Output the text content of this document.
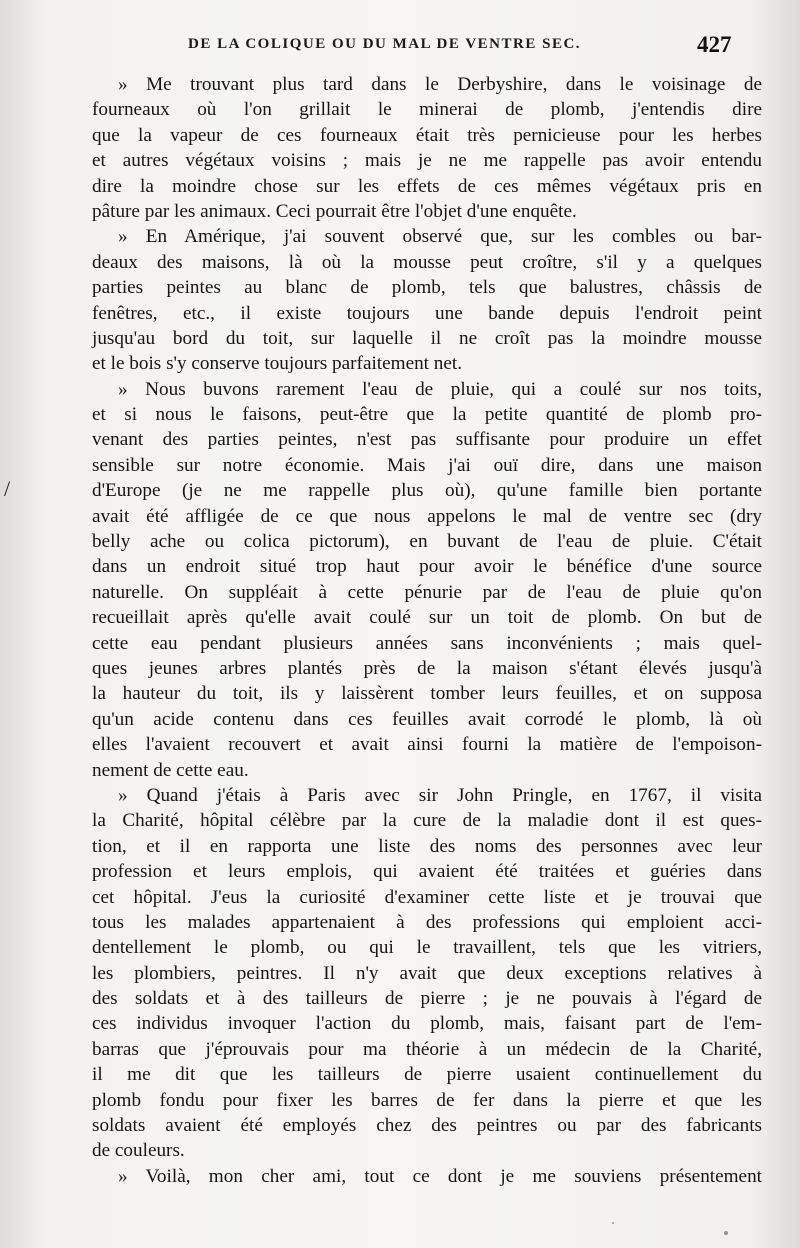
DE LA COLIQUE OU DU MAL DE VENTRE SEC.	427
/
» Me trouvant plus tard dans le Derbyshire, dans le voisinage de
fourneaux où l'on grillait le minerai de plomb, j'entendis dire
que la vapeur de ces fourneaux était très pernicieuse pour les herbes
et autres végétaux voisins ; mais je ne me rappelle pas avoir entendu
dire la moindre chose sur les effets de ces mêmes végétaux pris en
pâture par les animaux. Ceci pourrait être l'objet d'une enquête.
» En Amérique, j'ai souvent observé que, sur les combles ou bar-
deaux des maisons, là où la mousse peut croître, s'il y a quelques
parties peintes au blanc de plomb, tels que balustres, châssis de
fenêtres, etc., il existe toujours une bande depuis l'endroit peint
jusqu'au bord du toit, sur laquelle il ne croît pas la moindre mousse
et le bois s'y conserve toujours parfaitement net.
» Nous buvons rarement l'eau de pluie, qui a coulé sur nos toits,
et si nous le faisons, peut-être que la petite quantité de plomb pro-
venant des parties peintes, n'est pas suffisante pour produire un effet
sensible sur notre économie. Mais j'ai ouï dire, dans une maison
d'Europe (je ne me rappelle plus où), qu'une famille bien portante
avait été affligée de ce que nous appelons le mal de ventre sec (dry
belly ache ou colica pictorum), en buvant de l'eau de pluie. C'était
dans un endroit situé trop haut pour avoir le bénéfice d'une source
naturelle. On suppléait à cette pénurie par de l'eau de pluie qu'on
recueillait après qu'elle avait coulé sur un toit de plomb. On but de
cette eau pendant plusieurs années sans inconvénients ; mais quel-
ques jeunes arbres plantés près de la maison s'étant élevés jusqu'à
la hauteur du toit, ils y laissèrent tomber leurs feuilles, et on supposa
qu'un acide contenu dans ces feuilles avait corrodé le plomb, là où
elles l'avaient recouvert et avait ainsi fourni la matière de l'empoison-
nement de cette eau.
» Quand j'étais à Paris avec sir John Pringle, en 1767, il visita
la Charité, hôpital célèbre par la cure de la maladie dont il est ques-
tion, et il en rapporta une liste des noms des personnes avec leur
profession et leurs emplois, qui avaient été traitées et guéries dans
cet hôpital. J'eus la curiosité d'examiner cette liste et je trouvai que
tous les malades appartenaient à des professions qui emploient acci-
dentellement le plomb, ou qui le travaillent, tels que les vitriers,
les plombiers, peintres. Il n'y avait que deux exceptions relatives à
des soldats et à des tailleurs de pierre ; je ne pouvais à l'égard de
ces individus invoquer l'action du plomb, mais, faisant part de l'em-
barras que j'éprouvais pour ma théorie à un médecin de la Charité,
il me dit que les tailleurs de pierre usaient continuellement du
plomb fondu pour fixer les barres de fer dans la pierre et que les
soldats avaient été employés chez des peintres ou par des fabricants
de couleurs.
» Voilà, mon cher ami, tout ce dont je me souviens présentement
